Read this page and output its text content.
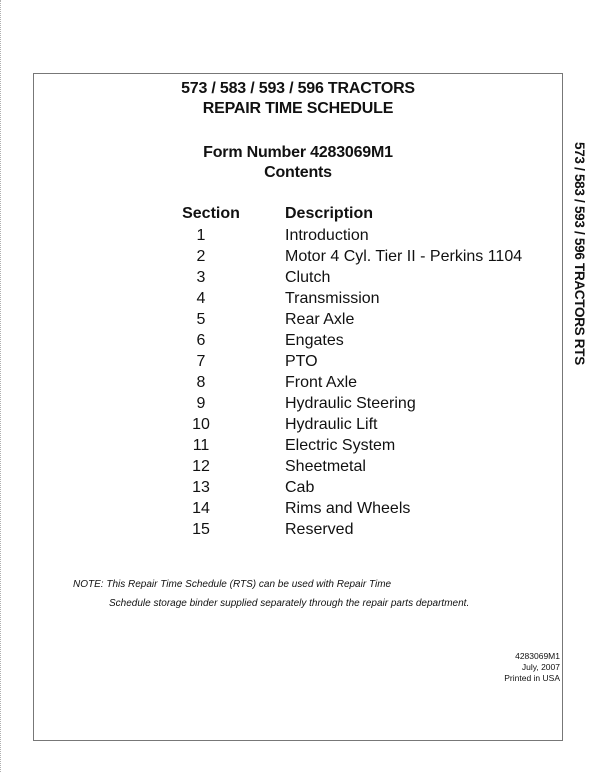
573 / 583 / 593 / 596 TRACTORS
REPAIR TIME SCHEDULE
Form Number 4283069M1
Contents
Section	Description
1	Introduction
2	Motor 4 Cyl. Tier II - Perkins 1104
3	Clutch
4	Transmission
5	Rear Axle
6	Engates
7	PTO
8	Front Axle
9	Hydraulic Steering
10	Hydraulic Lift
11	Electric System
12	Sheetmetal
13	Cab
14	Rims and Wheels
15	Reserved
NOTE: This Repair Time Schedule (RTS) can be used with Repair Time
Schedule storage binder supplied separately through the repair parts department.
4283069M1
July, 2007
Printed in USA
573 / 583 / 593 / 596 TRACTORS RTS
